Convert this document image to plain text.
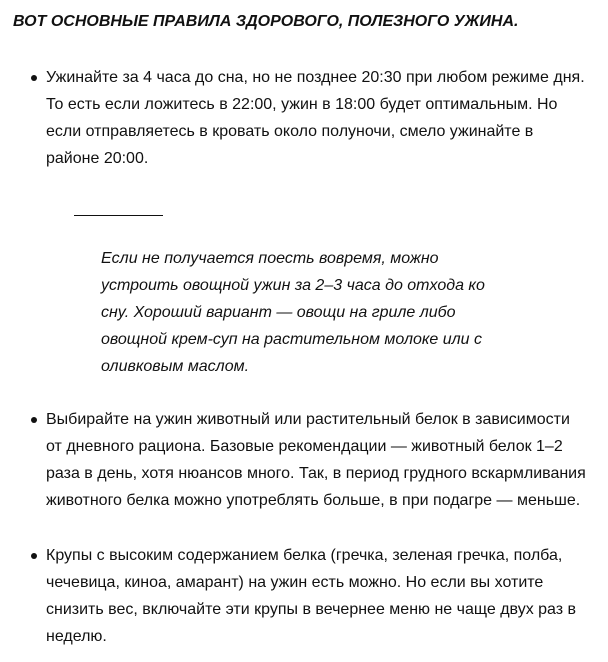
ВОТ ОСНОВНЫЕ ПРАВИЛА ЗДОРОВОГО, ПОЛЕЗНОГО УЖИНА.
Ужинайте за 4 часа до сна, но не позднее 20:30 при любом режиме дня.
То есть если ложитесь в 22:00, ужин в 18:00 будет оптимальным. Но
если отправляетесь в кровать около полуночи, смело ужинайте в
районе 20:00.
Если не получается поесть вовремя, можно
устроить овощной ужин за 2–3 часа до отхода ко
сну. Хороший вариант — овощи на гриле либо
овощной крем-суп на растительном молоке или с
оливковым маслом.
Выбирайте на ужин животный или растительный белок в зависимости
от дневного рациона. Базовые рекомендации — животный белок 1–2
раза в день, хотя нюансов много. Так, в период грудного вскармливания
животного белка можно употреблять больше, в при подагре — меньше.
Крупы с высоким содержанием белка (гречка, зеленая гречка, полба,
чечевица, киноа, амарант) на ужин есть можно. Но если вы хотите
снизить вес, включайте эти крупы в вечернее меню не чаще двух раз в
неделю.
